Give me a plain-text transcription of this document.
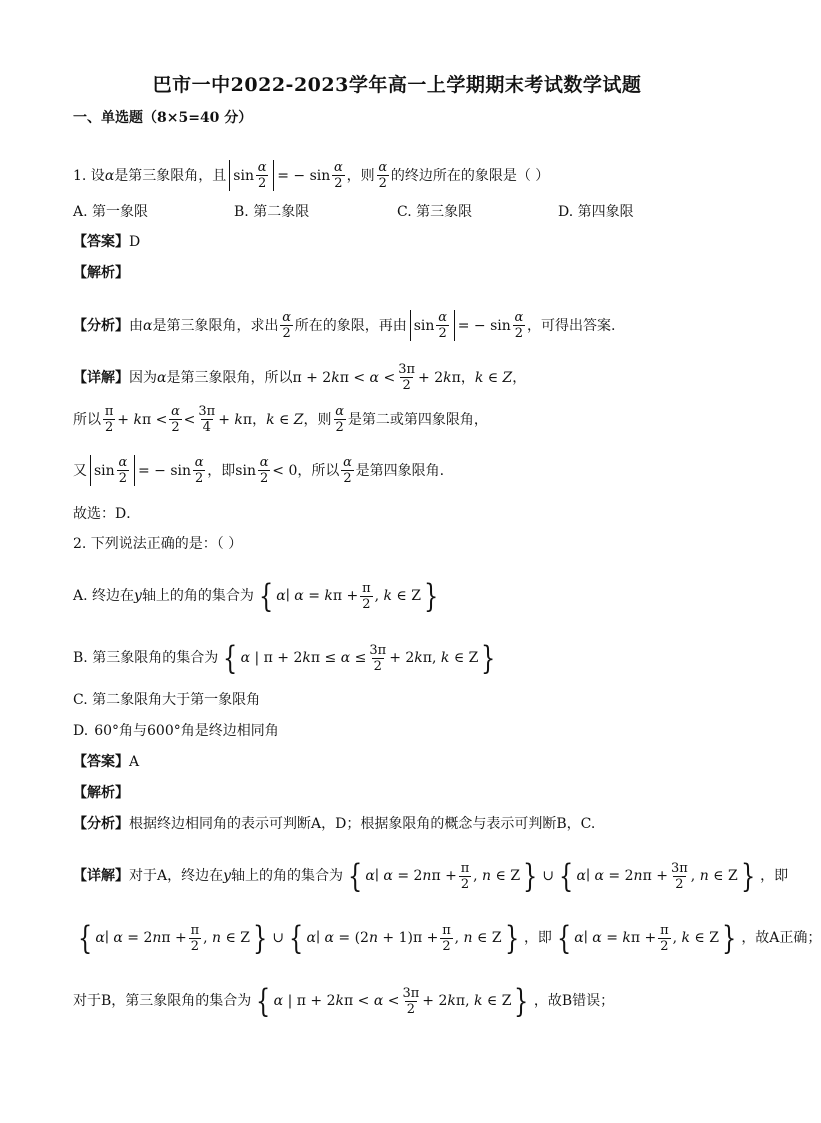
巴市一中2022-2023学年高一上学期期末考试数学试题
一、单选题（8×5=40 分）
1. 设 α 是第三象限角，且 sin α
2 = − sin α
2 ，则 α
2 的终边所在的象限是（ ）
A. 第一象限	B. 第二象限	C. 第三象限	D. 第四象限
【答案】 D
【解析】
【分析】 由 α 是第三象限角，求出 α
2 所在的象限，再由 sin α
2 = − sin α
2 ，可得出答案.
【详解】 因为 α 是第三象限角，所以 π + 2kπ < α < 3π
2 + 2kπ ， k ∈ Z ，
所以 π
2 + kπ < α
2 < 3π
4 + kπ ， k ∈ Z ，则 α
2 是第二或第四象限角，
又 sin α
2 = − sin α
2 ，即 sin α
2 < 0 ，所以 α
2 是第四象限角.
故选：D．
2. 下列说法正确的是：（ ）
A. 终边在 y 轴上的角的集合为 { α∣ $\alpha = k\pi + \frac{\pi}{2}$ , k ∈ Z }
B. 第三象限角的集合为 { α | $\pi + 2k\pi \le \alpha \le \frac{3\pi}{2} + 2k\pi$, k ∈ Z }
C. 第二象限角大于第一象限角
D. 60°角与600°角是终边相同角
【答案】 A
【解析】
【分析】 根据终边相同角的表示可判断A，D；根据象限角的概念与表示可判断B，C.
【详解】 对于A，终边在 y 轴上的角的集合为 { α∣ $\alpha = 2n\pi + \frac{\pi}{2}$ , n ∈ Z } ∪ { α∣ $\alpha = 2n\pi + \frac{3\pi}{2}$ , n ∈ Z } ，即
{ α∣ $\alpha = 2n\pi + \frac{\pi}{2}$ , n ∈ Z } ∪ { α∣ $\alpha = (2n + 1)\pi + \frac{\pi}{2}$ , n ∈ Z } ，即 { α∣ $\alpha = k\pi + \frac{\pi}{2}$ , k ∈ Z } ，故A正确；
对于B，第三象限角的集合为 { α | π + 2kπ < α < 3π
2 + 2kπ, k ∈ Z } ，故B错误；
